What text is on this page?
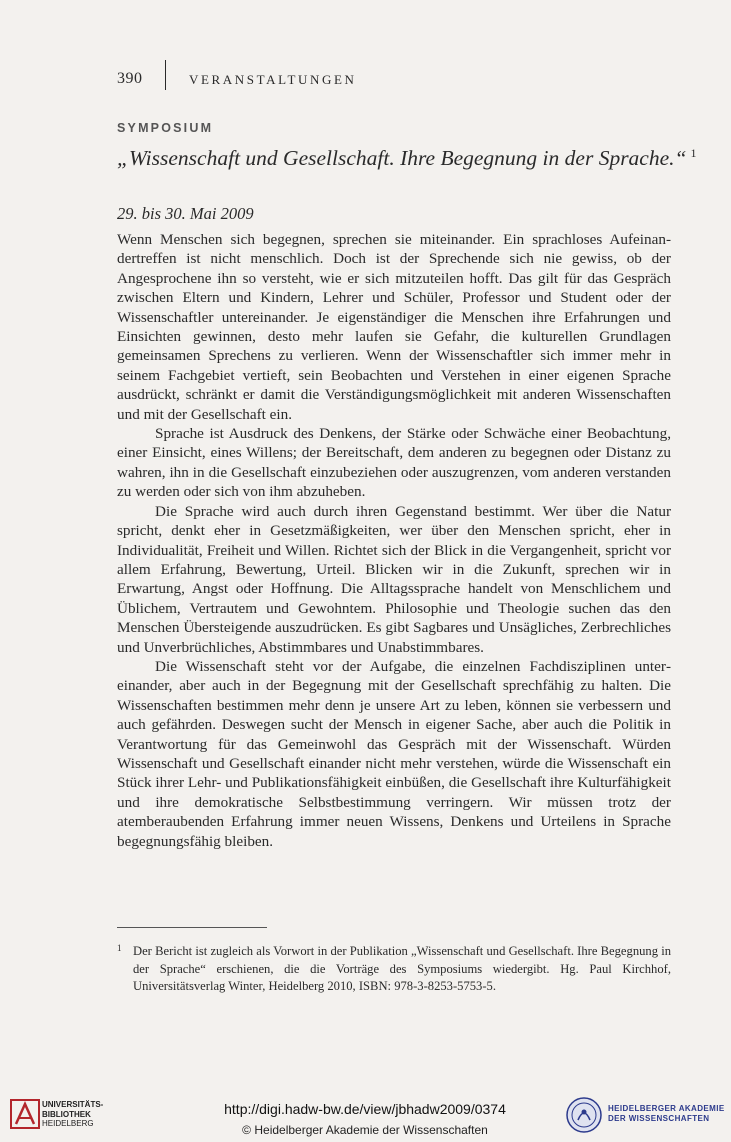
390	VERANSTALTUNGEN
SYMPOSIUM
„Wissenschaft und Gesellschaft. Ihre Begegnung in der Sprache.“ $^1$
29. bis 30. Mai 2009

Wenn Menschen sich begegnen, sprechen sie miteinander. Ein sprachloses Aufeinandertreffen ist nicht menschlich. Doch ist der Sprechende sich nie gewiss, ob der Angesprochene ihn so versteht, wie er sich mitzuteilen hofft. Das gilt für das Gespräch zwischen Eltern und Kindern, Lehrer und Schüler, Professor und Student oder der Wissenschaftler untereinander. Je eigenständiger die Menschen ihre Erfahrungen und Einsichten gewinnen, desto mehr laufen sie Gefahr, die kulturellen Grundlagen gemeinsamen Sprechens zu verlieren. Wenn der Wissenschaftler sich immer mehr in seinem Fachgebiet vertieft, sein Beobachten und Verstehen in einer eigenen Sprache ausdrückt, schränkt er damit die Verständigungsmöglichkeit mit anderen Wissenschaften und mit der Gesellschaft ein.

Sprache ist Ausdruck des Denkens, der Stärke oder Schwäche einer Beobachtung, einer Einsicht, eines Willens; der Bereitschaft, dem anderen zu begegnen oder Distanz zu wahren, ihn in die Gesellschaft einzubeziehen oder auszugrenzen, vom anderen verstanden zu werden oder sich von ihm abzuheben.

Die Sprache wird auch durch ihren Gegenstand bestimmt. Wer über die Natur spricht, denkt eher in Gesetzmäßigkeiten, wer über den Menschen spricht, eher in Individualität, Freiheit und Willen. Richtet sich der Blick in die Vergangenheit, spricht vor allem Erfahrung, Bewertung, Urteil. Blicken wir in die Zukunft, sprechen wir in Erwartung, Angst oder Hoffnung. Die Alltagssprache handelt von Menschlichem und Üblichem, Vertrautem und Gewohntem. Philosophie und Theologie suchen das den Menschen Übersteigende auszudrücken. Es gibt Sagbares und Unsägliches, Zerbrechliches und Unverbrüchliches, Abstimmbares und Unabstimmbares.

Die Wissenschaft steht vor der Aufgabe, die einzelnen Fachdisziplinen untereinander, aber auch in der Begegnung mit der Gesellschaft sprechfähig zu halten. Die Wissenschaften bestimmen mehr denn je unsere Art zu leben, können sie verbessern und auch gefährden. Deswegen sucht der Mensch in eigener Sache, aber auch die Politik in Verantwortung für das Gemeinwohl das Gespräch mit der Wissenschaft. Würden Wissenschaft und Gesellschaft einander nicht mehr verstehen, würde die Wissenschaft ein Stück ihrer Lehr- und Publikationsfähigkeit einbüßen, die Gesellschaft ihre Kulturfähigkeit und ihre demokratische Selbstbestimmung verringern. Wir müssen trotz der atemberaubenden Erfahrung immer neuen Wissens, Denkens und Urteilens in Sprache begegnungsfähig bleiben.

1 Der Bericht ist zugleich als Vorwort in der Publikation „Wissenschaft und Gesellschaft. Ihre Begegnung in der Sprache“ erschienen, die die Vorträge des Symposiums wiedergibt. Hg. Paul Kirchhof, Universitätsverlag Winter, Heidelberg 2010, ISBN: 978-3-8253-5753-5.
UNIVERSITÄTS-
BIBLIOTHEK
HEIDELBERG
http://digi.hadw-bw.de/view/jbhadw2009/0374
© Heidelberger Akademie der Wissenschaften
HEIDELBERGER AKADEMIE
DER WISSENSCHAFTEN
